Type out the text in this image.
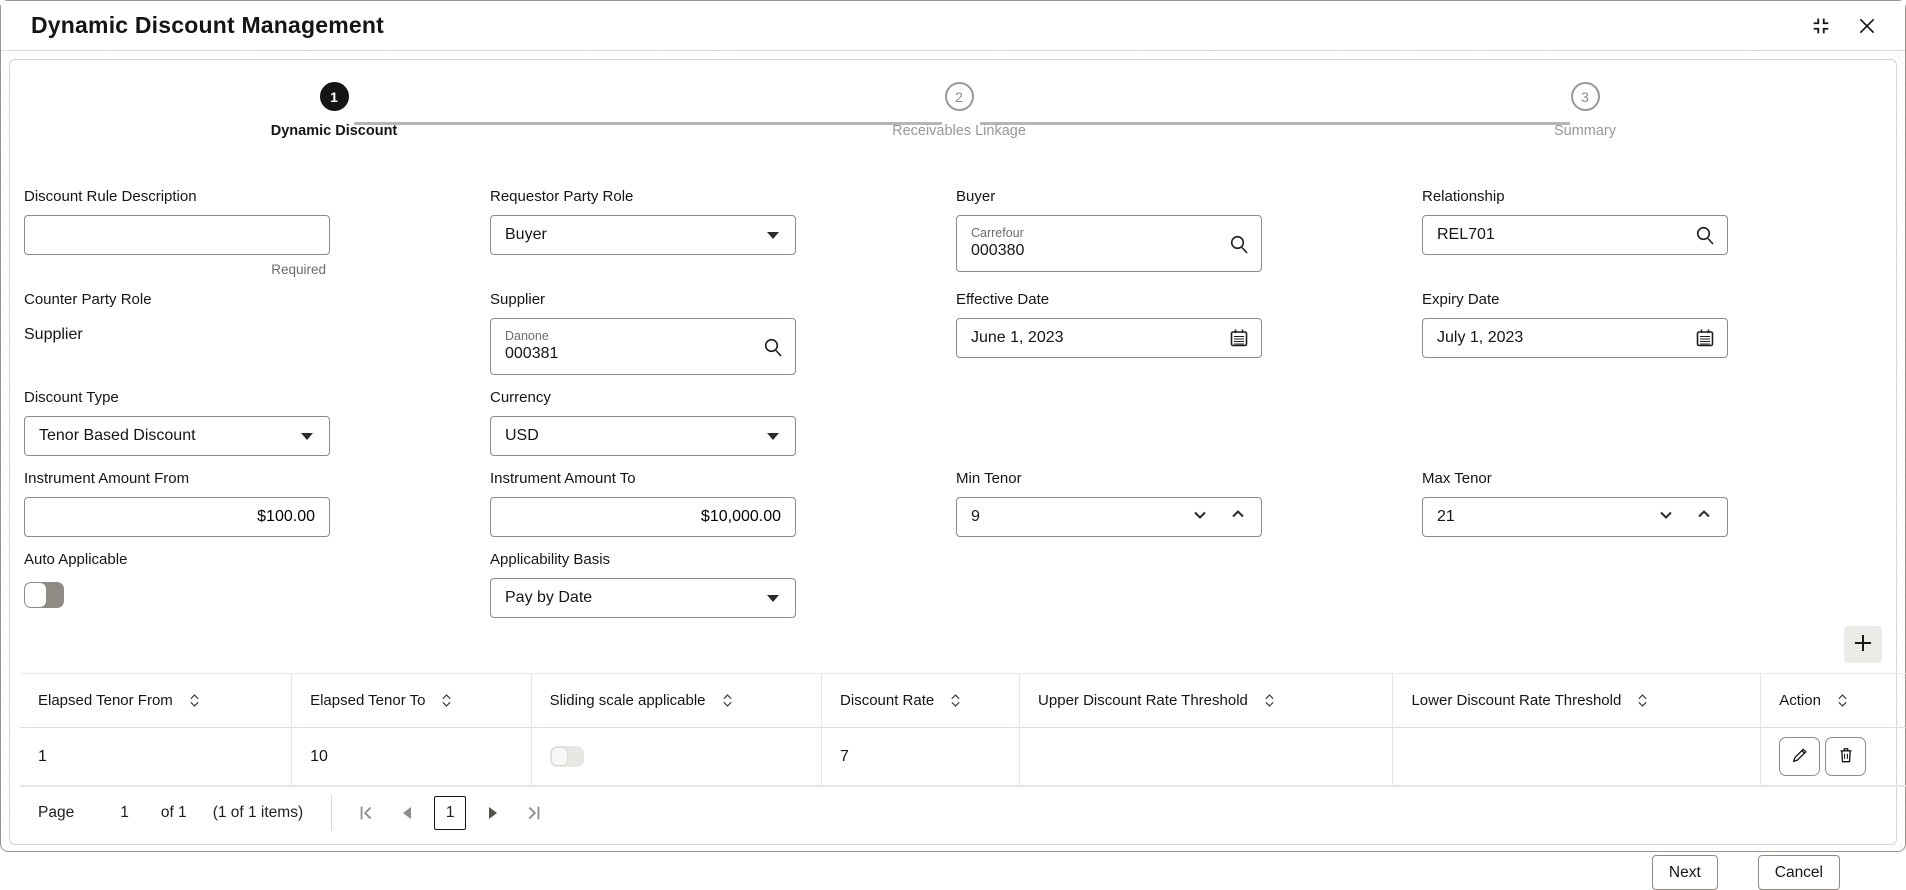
Dynamic Discount Management
1
Dynamic Discount
2
Receivables Linkage
3
Summary
Discount Rule Description
Required
Requestor Party Role
Buyer
Buyer
Carrefour
000380
Relationship
REL701
Counter Party Role
Supplier
Supplier
Danone
000381
Effective Date
June 1, 2023
Expiry Date
July 1, 2023
Discount Type
Tenor Based Discount
Currency
USD
Instrument Amount From
$100.00	Instrument Amount To
$10,000.00	Min Tenor
9
Max Tenor
21
Auto Applicable	Applicability Basis
Pay by Date
Elapsed Tenor From	Elapsed Tenor To	Sliding scale applicable	Discount Rate	Upper Discount Rate Threshold	Lower Discount Rate Threshold	Action

1	10		7			
Page	1 of 1 (1 of 1 items)	1
Next	Cancel
